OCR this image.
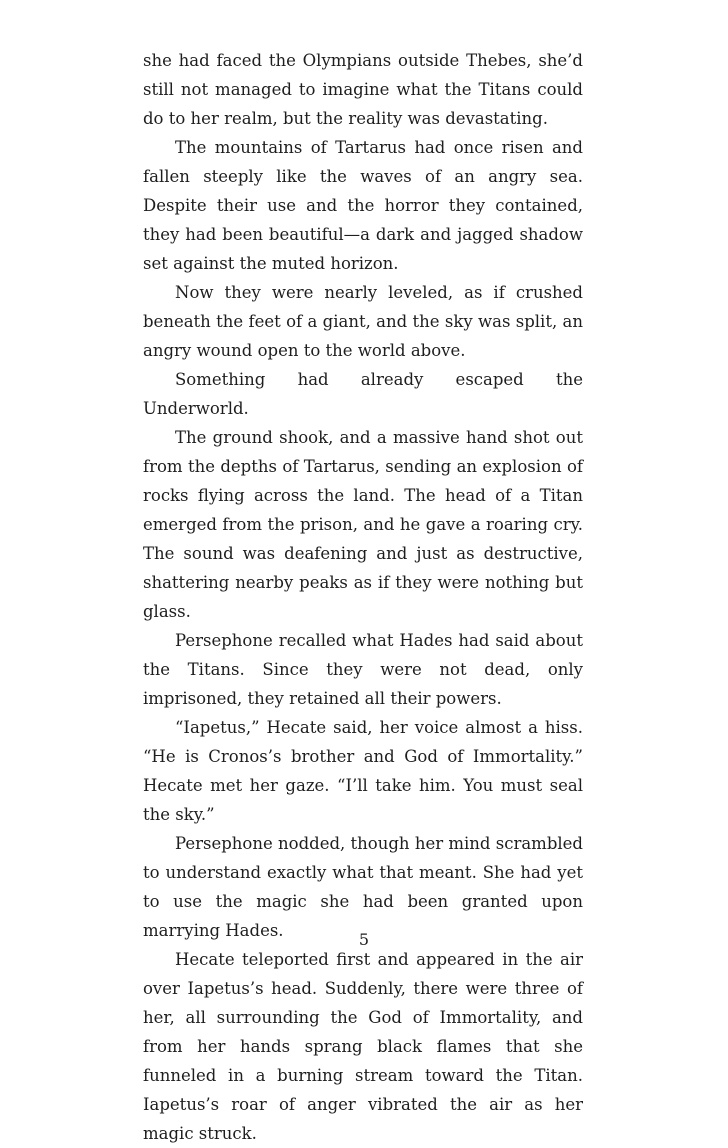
she had faced the Olympians outside Thebes, she’d still not managed to imagine what the Titans could do to her realm, but the reality was devastating.

The mountains of Tartarus had once risen and fallen steeply like the waves of an angry sea. Despite their use and the horror they contained, they had been beautiful—a dark and jagged shadow set against the muted horizon.

Now they were nearly leveled, as if crushed beneath the feet of a giant, and the sky was split, an angry wound open to the world above.

Something had already escaped the Underworld.

The ground shook, and a massive hand shot out from the depths of Tartarus, sending an explosion of rocks flying across the land. The head of a Titan emerged from the prison, and he gave a roaring cry. The sound was deafening and just as destructive, shattering nearby peaks as if they were nothing but glass.

Persephone recalled what Hades had said about the Titans. Since they were not dead, only imprisoned, they retained all their powers.

“Iapetus,” Hecate said, her voice almost a hiss. “He is Cronos’s brother and God of Immortality.” Hecate met her gaze. “I’ll take him. You must seal the sky.”

Persephone nodded, though her mind scrambled to understand exactly what that meant. She had yet to use the magic she had been granted upon marrying Hades.

Hecate teleported first and appeared in the air over Iapetus’s head. Suddenly, there were three of her, all surrounding the God of Immortality, and from her hands sprang black flames that she funneled in a burning stream toward the Titan. Iapetus’s roar of anger vibrated the air as her magic struck.

5
